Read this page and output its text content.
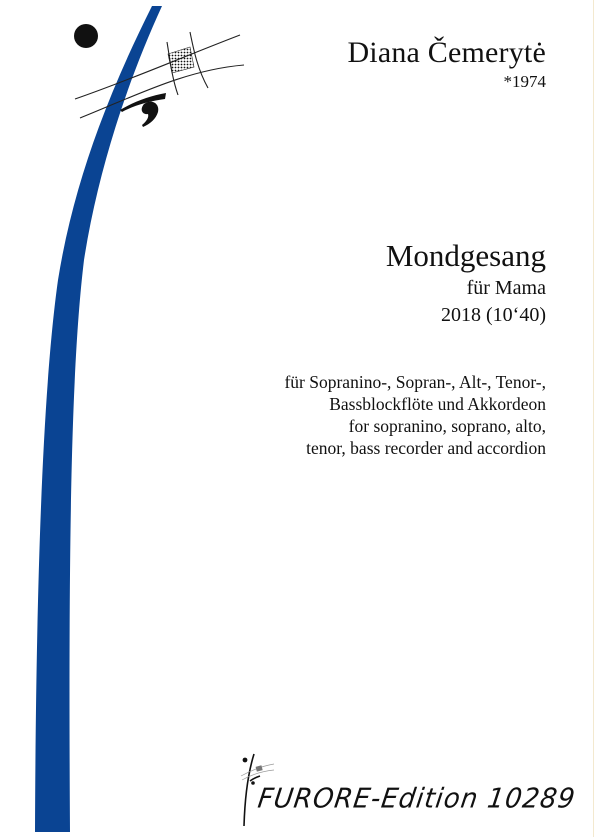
Diana Čemerytė
*1974
Mondgesang
für Mama
2018 (10‘40)
für Sopranino-, Sopran-, Alt-, Tenor-,
Bassblockflöte und Akkordeon
for sopranino, soprano, alto,
tenor, bass recorder and accordion
FURORE-Edition 10289
